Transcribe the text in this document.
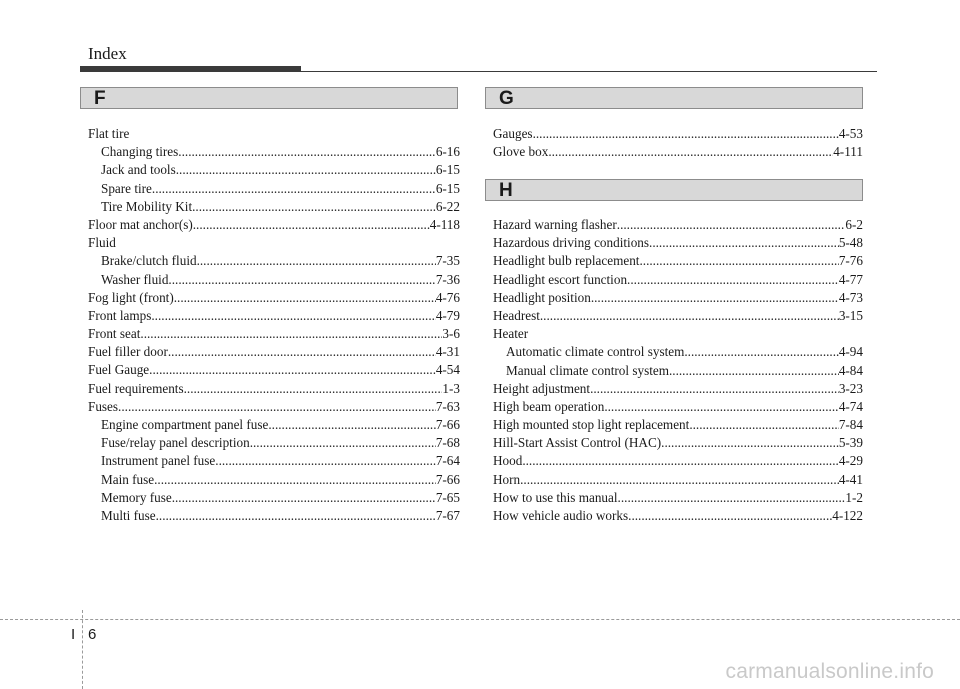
Index
F	G
H
Flat tire
Changing tires .....	6-16
Jack and tools .....	6-15
Spare tire .....	6-15
Tire Mobility Kit .....	6-22
Floor mat anchor(s) .....	4-118
Fluid
Brake/clutch fluid .....	7-35
Washer fluid .....	7-36
Fog light (front) .....	4-76
Front lamps .....	4-79
Front seat .....	3-6
Fuel filler door .....	4-31
Fuel Gauge .....	4-54
Fuel requirements .....	1-3
Fuses .....	7-63
Engine compartment panel fuse .....	7-66
Fuse/relay panel description .....	7-68
Instrument panel fuse .....	7-64
Main fuse .....	7-66
Memory fuse .....	7-65
Multi fuse .....	7-67
Gauges .....	4-53
Glove box .....	4-111
Hazard warning flasher .....	6-2
Hazardous driving conditions .....	5-48
Headlight bulb replacement .....	7-76
Headlight escort function .....	4-77
Headlight position .....	4-73
Headrest .....	3-15
Heater
Automatic climate control system .....	4-94
Manual climate control system .....	4-84
Height adjustment .....	3-23
High beam operation .....	4-74
High mounted stop light replacement .....	7-84
Hill-Start Assist Control (HAC) .....	5-39
Hood .....	4-29
Horn .....	4-41
How to use this manual .....	1-2
How vehicle audio works .....	4-122
I 6
carmanualsonline.info
